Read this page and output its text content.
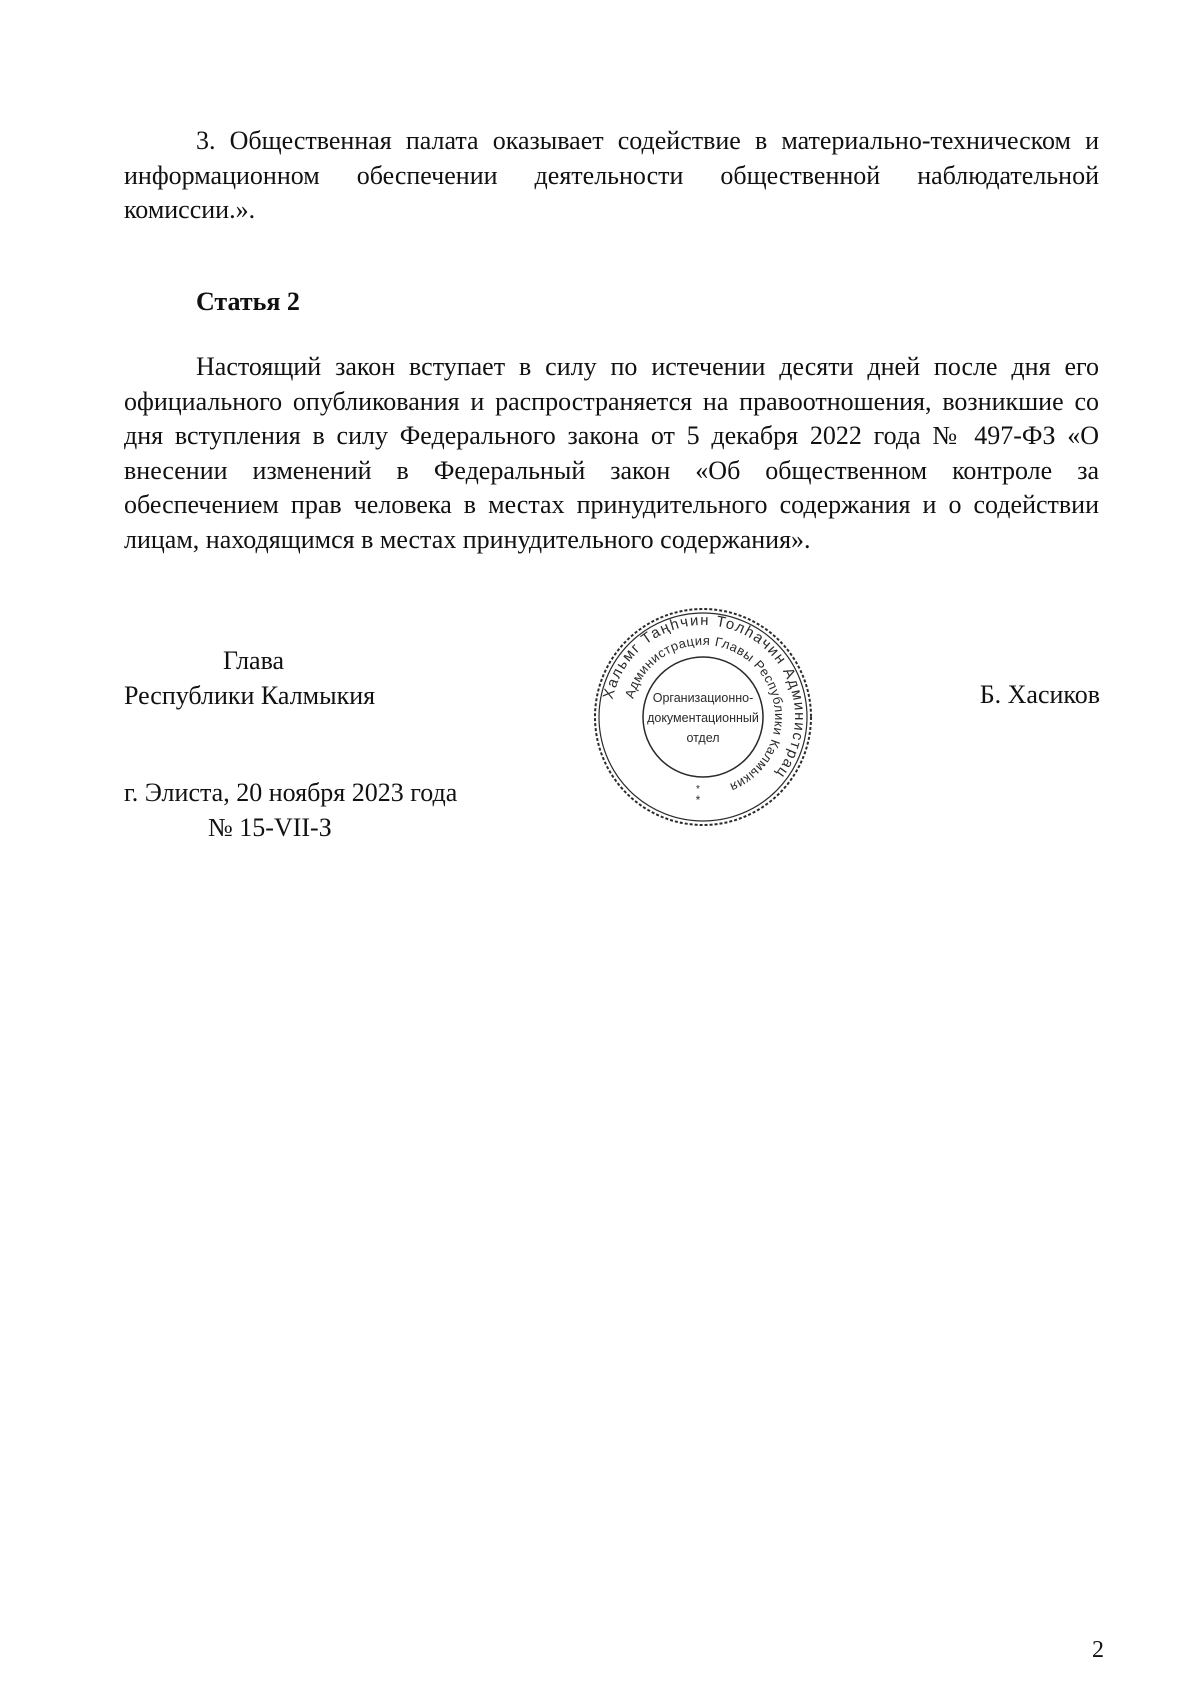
3. Общественная палата оказывает содействие в материально-техническом и информационном обеспечении деятельности общественной наблюдательной комиссии.».

Статья 2

Настоящий закон вступает в силу по истечении десяти дней после дня его официального опубликования и распространяется на правоотношения, возникшие со дня вступления в силу Федерального закона от 5 декабря 2022 года № 497-ФЗ «О внесении изменений в Федеральный закон «Об общественном контроле за обеспечением прав человека в местах принудительного содержания и о содействии лицам, находящимся в местах принудительного содержания».

Глава
Республики Калмыкия	Хальмг Таңһчин Толһачин Администрац
Администрация Главы Республики Калмыкия
Организационно-
документационный
отдел
*
*
Б. Хасиков
г. Элиста, 20 ноября 2023 года
№ 15-VII-З
2
